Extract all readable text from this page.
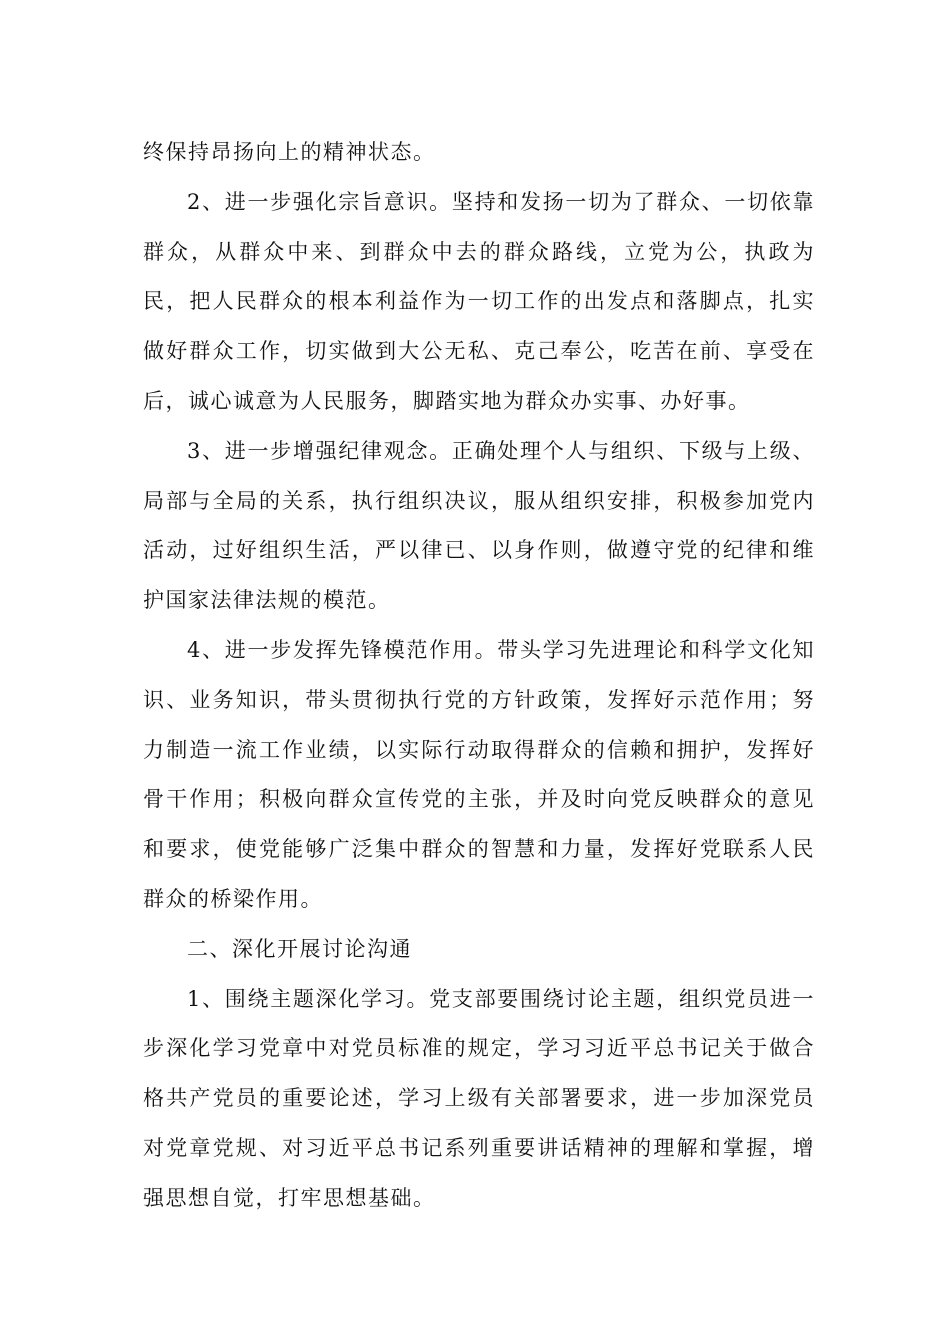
终保持昂扬向上的精神状态。

2、进一步强化宗旨意识。坚持和发扬一切为了群众、一切依靠群众，从群众中来、到群众中去的群众路线，立党为公，执政为民，把人民群众的根本利益作为一切工作的出发点和落脚点，扎实做好群众工作，切实做到大公无私、克己奉公，吃苦在前、享受在后，诚心诚意为人民服务，脚踏实地为群众办实事、办好事。

3、进一步增强纪律观念。正确处理个人与组织、下级与上级、局部与全局的关系，执行组织决议，服从组织安排，积极参加党内活动，过好组织生活，严以律已、以身作则，做遵守党的纪律和维护国家法律法规的模范。

4、进一步发挥先锋模范作用。带头学习先进理论和科学文化知识、业务知识，带头贯彻执行党的方针政策，发挥好示范作用；努力制造一流工作业绩，以实际行动取得群众的信赖和拥护，发挥好骨干作用；积极向群众宣传党的主张，并及时向党反映群众的意见和要求，使党能够广泛集中群众的智慧和力量，发挥好党联系人民群众的桥梁作用。

二、深化开展讨论沟通

1、围绕主题深化学习。党支部要围绕讨论主题，组织党员进一步深化学习党章中对党员标准的规定，学习习近平总书记关于做合格共产党员的重要论述，学习上级有关部署要求，进一步加深党员对党章党规、对习近平总书记系列重要讲话精神的理解和掌握，增强思想自觉，打牢思想基础。
